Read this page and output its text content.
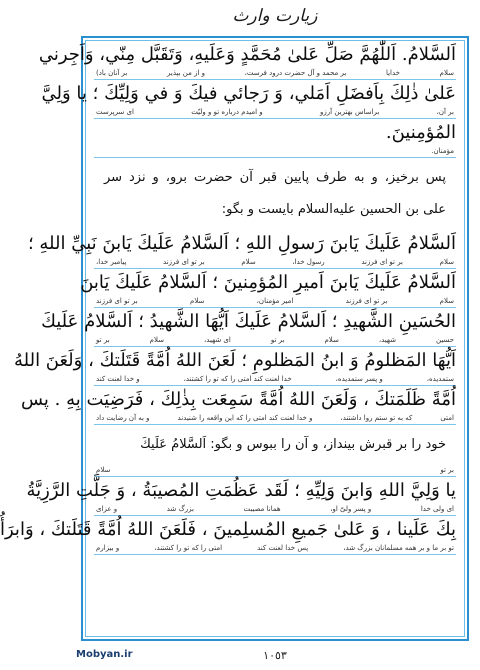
زیارت وارث
اَلسَّلامُ. اَللّٰهُمَّ صَلِّ عَلىٰ مُحَمَّدٍ وَعَلَيهِ، وَتَقَبَّل مِنّي، وَاَجِرني
سلام
خدایا
بر محمد و آل حضرت درود فرست،
و از من بپذیر
بر آنان باد)
عَلىٰ ذٰلِكَ بِاَفضَلِ اَمَلي، وَ رَجائي فيكَ وَ في وَلِيِّكَ ؛ يا وَلِيَّ
بر آن،
براساس بهترین آرزو
و امیدم درباره تو و ولیّت
ای سرپرست
المُؤمِنينَ.
مؤمنان.
پس برخیز، و به طرف پایین قبر آن حضرت برو، و نزد سر
علی بن الحسین عليه‌السلام بایست و بگو:
اَلسَّلامُ عَلَيكَ يَابنَ رَسولِ اللهِ ؛ اَلسَّلامُ عَلَيكَ يَابنَ نَبِيِّ اللهِ ؛
سلام
بر تو ای فرزند
رسول خدا،
سلام
بر تو ای فرزند
پیامبر خدا،
اَلسَّلامُ عَلَيكَ يَابنَ اَميرِ المُؤمِنينَ ؛ اَلسَّلامُ عَلَيكَ يَابنَ
سلام
بر تو ای فرزند
امیر مؤمنان،
سلام
بر تو ای فرزند
الحُسَينِ الشَّهيدِ ؛ اَلسَّلامُ عَلَيكَ اَيُّهَا الشَّهيدُ ؛ اَلسَّلامُ عَلَيكَ
حسین
شهید،
سلام
بر تو
ای شهید،
سلام
بر تو
اَيُّهَا المَظلومُ وَ ابنُ المَظلومِ ؛ لَعَنَ اللهُ اُمَّةً قَتَلَتكَ ، وَلَعَنَ اللهُ
ستمدیده،
و پسر ستمدیده،
خدا لعنت کند امتی را که تو را کشتند،
و خدا لعنت کند
اُمَّةً ظَلَمَتكَ ، وَلَعَنَ اللهُ اُمَّةً سَمِعَت بِذٰلِكَ ، فَرَضِيَت بِهِ . پس
امتی
که به تو ستم روا داشتند،
و خدا لعنت کند امتی را که این واقعه را شنیدند
و به آن رضایت داد
خود را بر قبرش بینداز، و آن را ببوس و بگو: اَلسَّلامُ عَلَيكَ
بر تو
سلام
يا وَلِيَّ اللهِ وَابنَ وَلِيِّهِ ؛ لَقَد عَظُمَتِ المُصيبَةُ ، وَ جَلَّتِ الرَّزِيَّةُ
ای ولی خدا
و پسر ولیّ او،
همانا مصیبت
بزرگ شد
و عزای
بِكَ عَلَينا ، وَ عَلىٰ جَميعِ المُسلِمينَ ، فَلَعَنَ اللهُ اُمَّةً قَتَلَتكَ ، وَابرَأُ
تو بر ما و بر همه مسلمانان بزرگ شد،
پس خدا لعنت کند
امتی را که تو را کشتند،
و بیزارم
١٠٥٣
Mobyan.ir
